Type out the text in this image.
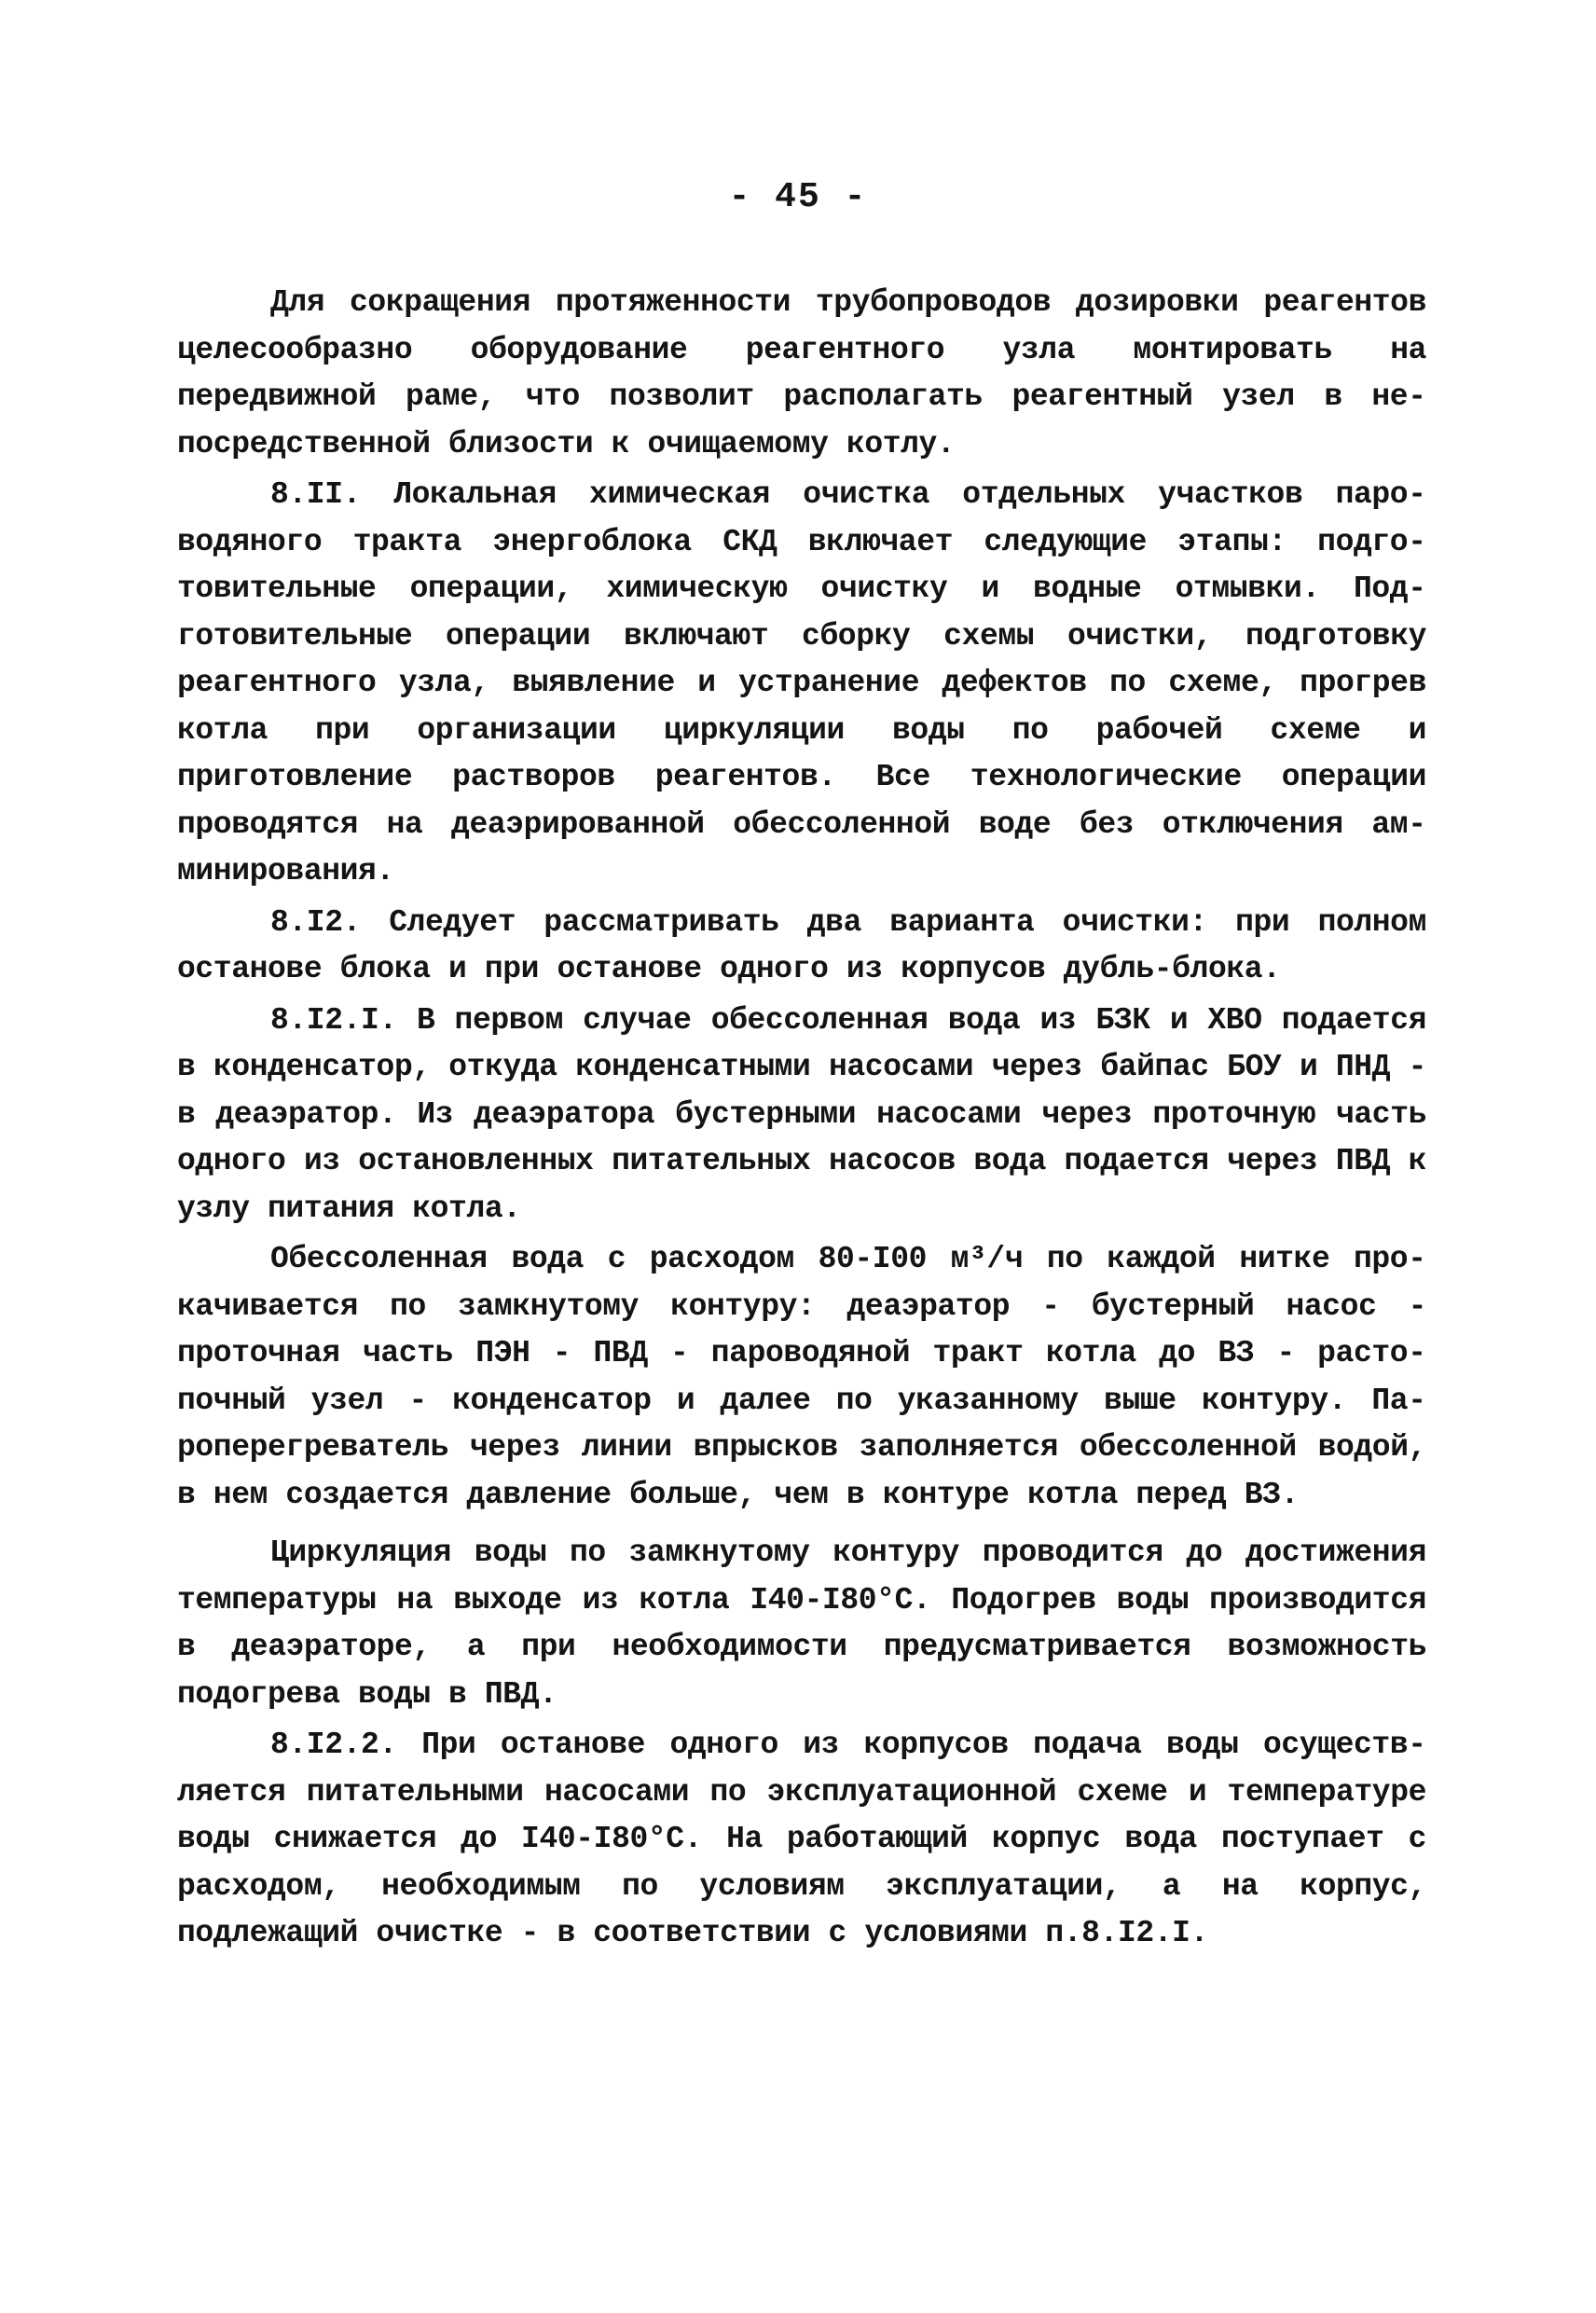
- 45 -

Для сокращения протяженности трубопроводов дозировки реагентов целесообразно оборудование реагентного узла монтировать на передвижной раме, что позволит располагать реагентный узел в непосредственной близости к очищаемому котлу.

8.II. Локальная химическая очистка отдельных участков пароводяного тракта энергоблока СКД включает следующие этапы: подготовительные операции, химическую очистку и водные отмывки. Подготовительные операции включают сборку схемы очистки, подготовку реагентного узла, выявление и устранение дефектов по схеме, прогрев котла при организации циркуляции воды по рабочей схеме и приготовление растворов реагентов. Все технологические операции проводятся на деаэрированной обессоленной воде без отключения амминирования.

8.I2. Следует рассматривать два варианта очистки: при полном останове блока и при останове одного из корпусов дубль-блока.

8.I2.I. В первом случае обессоленная вода из БЗК и ХВО подается в конденсатор, откуда конденсатными насосами через байпас БОУ и ПНД - в деаэратор. Из деаэратора бустерными насосами через проточную часть одного из остановленных питательных насосов вода подается через ПВД к узлу питания котла.

Обессоленная вода с расходом 80-I00 м³/ч по каждой нитке прокачивается по замкнутому контуру: деаэратор - бустерный насос - проточная часть ПЭН - ПВД - пароводяной тракт котла до ВЗ - растопочный узел - конденсатор и далее по указанному выше контуру. Пароперегреватель через линии впрысков заполняется обессоленной водой, в нем создается давление больше, чем в контуре котла перед ВЗ.

Циркуляция воды по замкнутому контуру проводится до достижения температуры на выходе из котла I40-I80°С. Подогрев воды производится в деаэраторе, а при необходимости предусматривается возможность подогрева воды в ПВД.

8.I2.2. При останове одного из корпусов подача воды осуществляется питательными насосами по эксплуатационной схеме и температуре воды снижается до I40-I80°С. На работающий корпус вода поступает с расходом, необходимым по условиям эксплуатации, а на корпус, подлежащий очистке - в соответствии с условиями п.8.I2.I.
